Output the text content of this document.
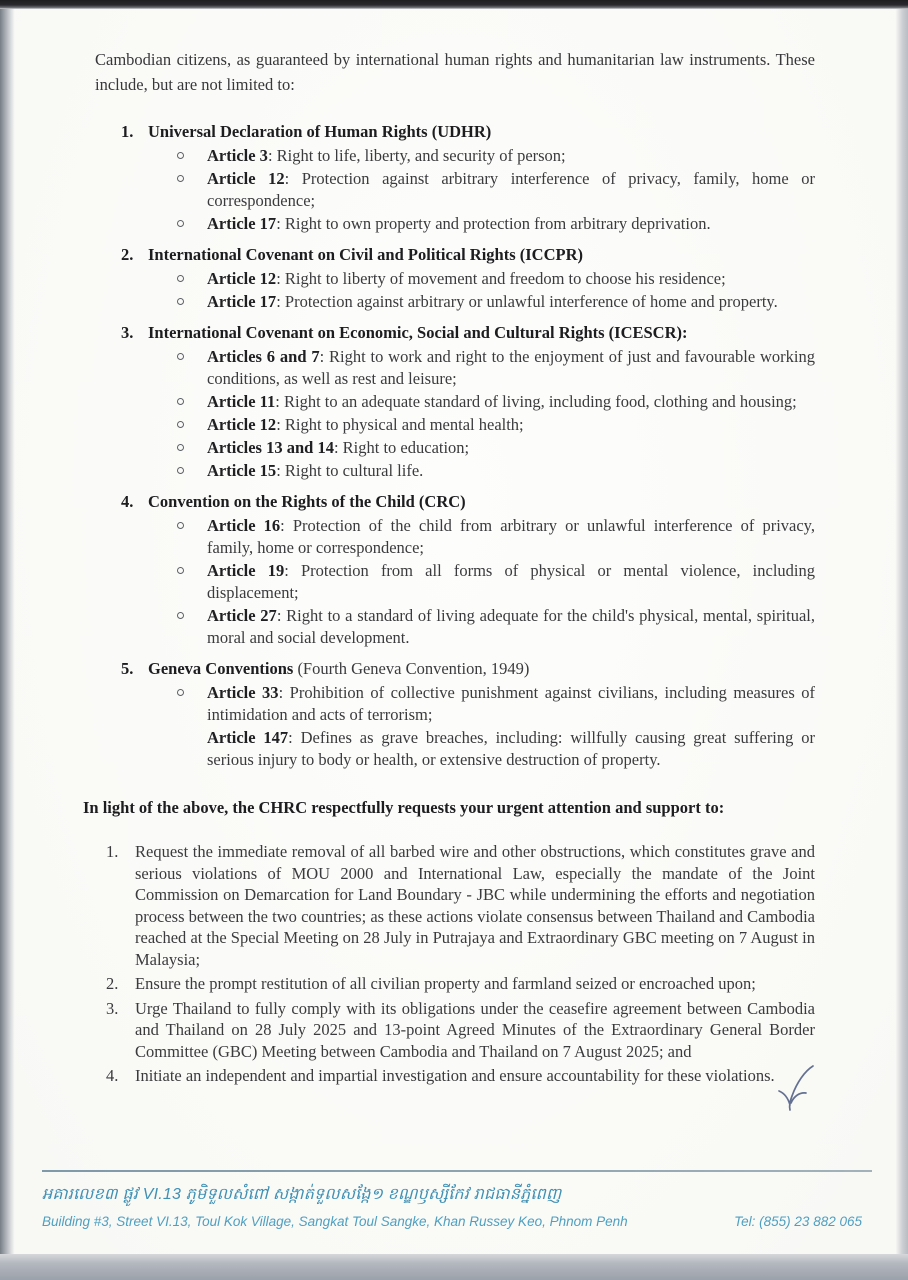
Cambodian citizens, as guaranteed by international human rights and humanitarian law instruments. These include, but are not limited to:

1. Universal Declaration of Human Rights (UDHR)
Article 3: Right to life, liberty, and security of person;
Article 12: Protection against arbitrary interference of privacy, family, home or correspondence;
Article 17: Right to own property and protection from arbitrary deprivation.
2. International Covenant on Civil and Political Rights (ICCPR)
Article 12: Right to liberty of movement and freedom to choose his residence;
Article 17: Protection against arbitrary or unlawful interference of home and property.
3. International Covenant on Economic, Social and Cultural Rights (ICESCR):
Articles 6 and 7: Right to work and right to the enjoyment of just and favourable working conditions, as well as rest and leisure;
Article 11: Right to an adequate standard of living, including food, clothing and housing;
Article 12: Right to physical and mental health;
Articles 13 and 14: Right to education;
Article 15: Right to cultural life.
4. Convention on the Rights of the Child (CRC)
Article 16: Protection of the child from arbitrary or unlawful interference of privacy, family, home or correspondence;
Article 19: Protection from all forms of physical or mental violence, including displacement;
Article 27: Right to a standard of living adequate for the child's physical, mental, spiritual, moral and social development.
5. Geneva Conventions (Fourth Geneva Convention, 1949)
Article 33: Prohibition of collective punishment against civilians, including measures of intimidation and acts of terrorism;
Article 147: Defines as grave breaches, including: willfully causing great suffering or serious injury to body or health, or extensive destruction of property.

In light of the above, the CHRC respectfully requests your urgent attention and support to:

1. Request the immediate removal of all barbed wire and other obstructions, which constitutes grave and serious violations of MOU 2000 and International Law, especially the mandate of the Joint Commission on Demarcation for Land Boundary - JBC while undermining the efforts and negotiation process between the two countries; as these actions violate consensus between Thailand and Cambodia reached at the Special Meeting on 28 July in Putrajaya and Extraordinary GBC meeting on 7 August in Malaysia;
2. Ensure the prompt restitution of all civilian property and farmland seized or encroached upon;
3. Urge Thailand to fully comply with its obligations under the ceasefire agreement between Cambodia and Thailand on 28 July 2025 and 13-point Agreed Minutes of the Extraordinary General Border Committee (GBC) Meeting between Cambodia and Thailand on 7 August 2025; and
4. Initiate an independent and impartial investigation and ensure accountability for these violations.
អគារលេខ៣ ផ្លូវ VI.13 ភូមិទួលសំពៅ សង្កាត់ទួលសង្កែ១ ខណ្ឌឫស្សីកែវ រាជធានីភ្នំពេញ
Building #3, Street VI.13, Toul Kok Village, Sangkat Toul Sangke, Khan Russey Keo, Phnom Penh	Tel: (855) 23 882 065
